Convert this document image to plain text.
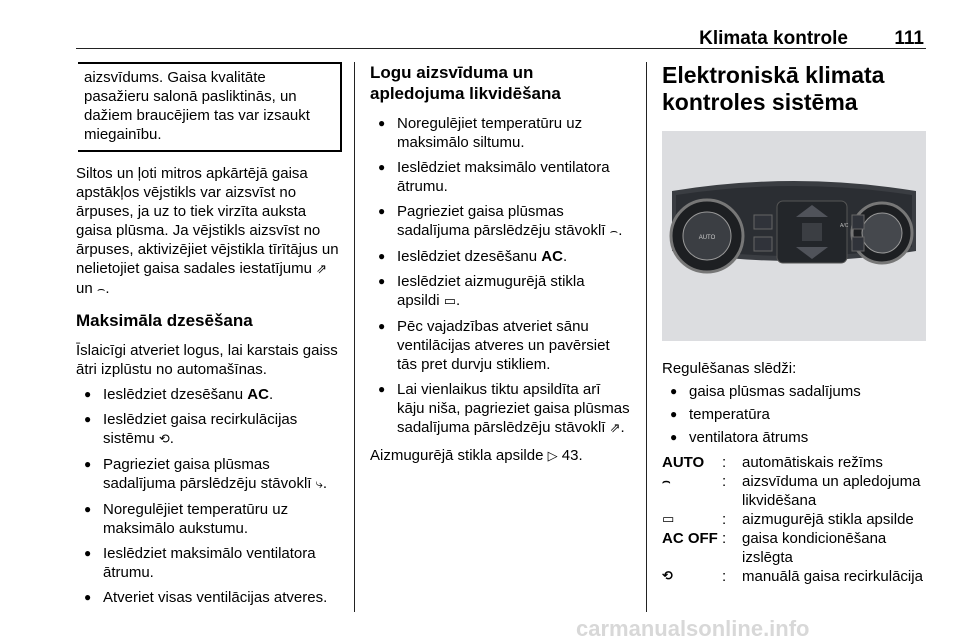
Klimata kontrole 111
aizsvīdums. Gaisa kvalitāte pasažieru salonā pasliktinās, un dažiem braucējiem tas var izsaukt miegainību.

Siltos un ļoti mitros apkārtējā gaisa apstākļos vējstikls var aizsvīst no ārpuses, ja uz to tiek virzīta auksta gaisa plūsma. Ja vējstikls aizsvīst no ārpuses, aktivizējiet vējstikla tīrītājus un nelietojiet gaisa sadales iestatījumu ⇗ un ⌢.

Maksimāla dzesēšana

Īslaicīgi atveriet logus, lai karstais gaiss ātri izplūstu no automašīnas.

● Ieslēdziet dzesēšanu AC.
● Ieslēdziet gaisa recirkulācijas sistēmu ⟲.
● Pagrieziet gaisa plūsmas sadalījuma pārslēdzēju stāvoklī ⤷.
● Noregulējiet temperatūru uz maksimālo aukstumu.
● Ieslēdziet maksimālo ventilatora ātrumu.
● Atveriet visas ventilācijas atveres.
Logu aizsvīduma un apledojuma likvidēšana
● Noregulējiet temperatūru uz maksimālo siltumu.
● Ieslēdziet maksimālo ventilatora ātrumu.
● Pagrieziet gaisa plūsmas sadalījuma pārslēdzēju stāvoklī ⌢.
● Ieslēdziet dzesēšanu AC.
● Ieslēdziet aizmugurējā stikla apsildi ▭.
● Pēc vajadzības atveriet sānu ventilācijas atveres un pavērsiet tās pret durvju stikliem.
● Lai vienlaikus tiktu apsildīta arī kāju niša, pagrieziet gaisa plūsmas sadalījuma pārslēdzēju stāvoklī ⇗.

Aizmugurējā stikla apsilde ▷ 43.

Elektroniskā klimata kontroles sistēma
AUTO
A/C

Regulēšanas slēdži:

● gaisa plūsmas sadalījums
● temperatūra
● ventilatora ātrums
AUTO	:	automātiskais režīms
⌢	:	aizsvīduma un apledojuma likvidēšana
▭	:	aizmugurējā stikla apsilde
AC OFF :	gaisa kondicionēšana izslēgta
⟲	:	manuālā gaisa recirkulācija
carmanualsonline.info
